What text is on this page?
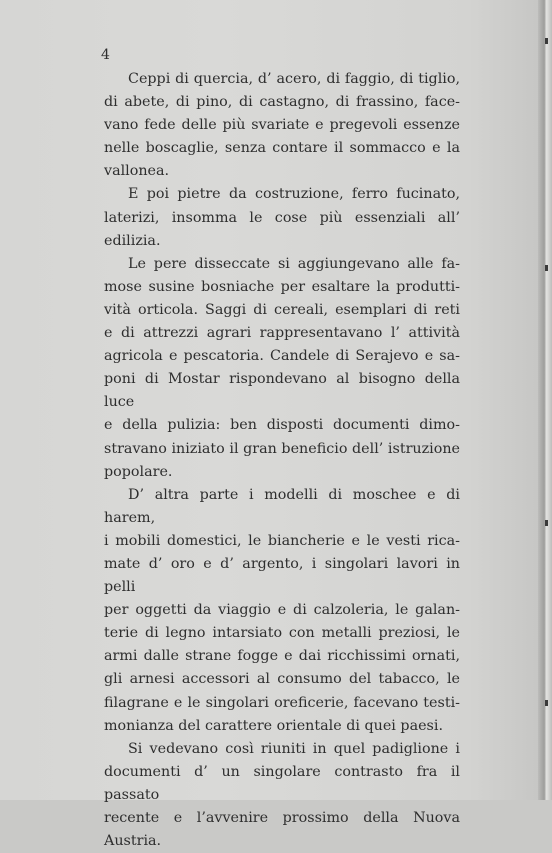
4

Ceppi di quercia, d’ acero, di faggio, di tiglio,
di abete, di pino, di castagno, di frassino, face-
vano fede delle più svariate e pregevoli essenze
nelle boscaglie, senza contare il sommacco e la
vallonea.

E poi pietre da costruzione, ferro fucinato,
laterizi, insomma le cose più essenziali all’ edilizia.

Le pere disseccate si aggiungevano alle fa-
mose susine bosniache per esaltare la produtti-
vità orticola. Saggi di cereali, esemplari di reti
e di attrezzi agrari rappresentavano l’ attività
agricola e pescatoria. Candele di Serajevo e sa-
poni di Mostar rispondevano al bisogno della luce
e della pulizia: ben disposti documenti dimo-
stravano iniziato il gran beneficio dell’ istruzione
popolare.

D’ altra parte i modelli di moschee e di harem,
i mobili domestici, le biancherie e le vesti rica-
mate d’ oro e d’ argento, i singolari lavori in pelli
per oggetti da viaggio e di calzoleria, le galan-
terie di legno intarsiato con metalli preziosi, le
armi dalle strane fogge e dai ricchissimi ornati,
gli arnesi accessori al consumo del tabacco, le
filagrane e le singolari oreficerie, facevano testi-
monianza del carattere orientale di quei paesi.

Si vedevano così riuniti in quel padiglione i
documenti d’ un singolare contrasto fra il passato
recente e l’avvenire prossimo della Nuova Austria.
